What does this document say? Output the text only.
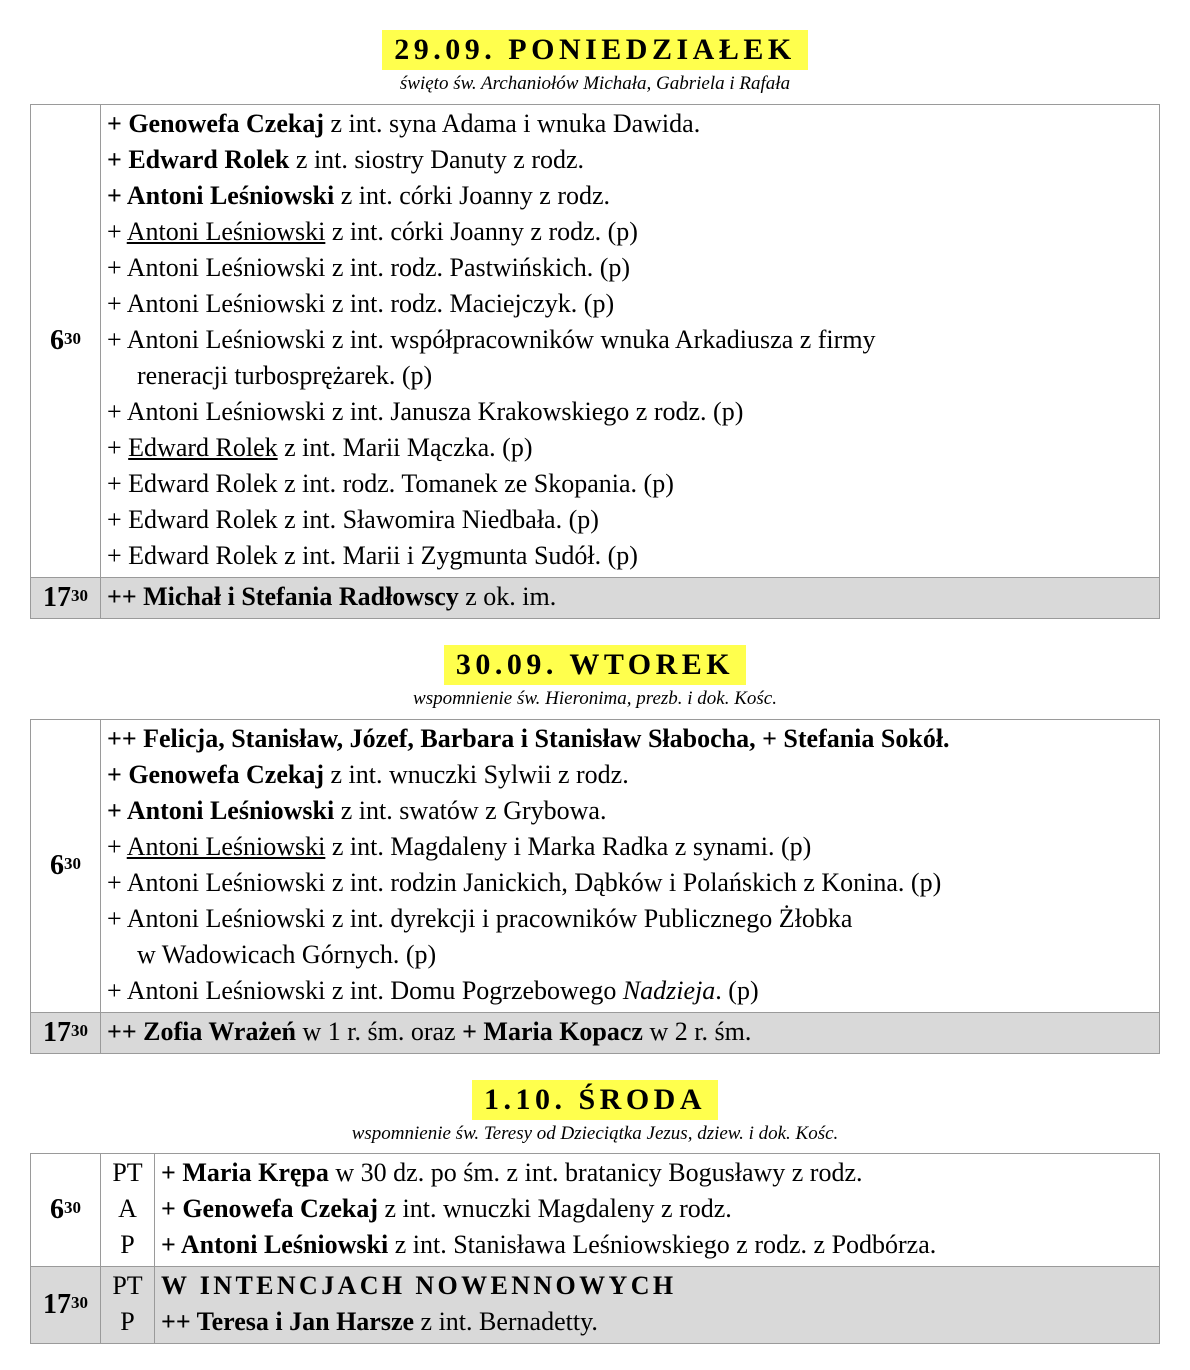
29.09. PONIEDZIAŁEK
święto św. Archaniołów Michała, Gabriela i Rafała
$6^{30}$
+ Genowefa Czekaj z int. syna Adama i wnuka Dawida.
+ Edward Rolek z int. siostry Danuty z rodz.
+ Antoni Leśniowski z int. córki Joanny z rodz.
+ Antoni Leśniowski z int. córki Joanny z rodz. (p)
+ Antoni Leśniowski z int. rodz. Pastwińskich. (p)
+ Antoni Leśniowski z int. rodz. Maciejczyk. (p)
+ Antoni Leśniowski z int. współpracowników wnuka Arkadiusza z firmy
reneracji turbosprężarek. (p)
+ Antoni Leśniowski z int. Janusza Krakowskiego z rodz. (p)
+ Edward Rolek z int. Marii Mączka. (p)
+ Edward Rolek z int. rodz. Tomanek ze Skopania. (p)
+ Edward Rolek z int. Sławomira Niedbała. (p)
+ Edward Rolek z int. Marii i Zygmunta Sudół. (p)
$17^{30}$ ++ Michał i Stefania Radłowscy z ok. im.
30.09. WTOREK
wspomnienie św. Hieronima, prezb. i dok. Kośc.
$6^{30}$
++ Felicja, Stanisław, Józef, Barbara i Stanisław Słabocha, + Stefania Sokół.
+ Genowefa Czekaj z int. wnuczki Sylwii z rodz.
+ Antoni Leśniowski z int. swatów z Grybowa.
+ Antoni Leśniowski z int. Magdaleny i Marka Radka z synami. (p)
+ Antoni Leśniowski z int. rodzin Janickich, Dąbków i Polańskich z Konina. (p)
+ Antoni Leśniowski z int. dyrekcji i pracowników Publicznego Żłobka
w Wadowicach Górnych. (p)
+ Antoni Leśniowski z int. Domu Pogrzebowego Nadzieja. (p)
$17^{30}$ ++ Zofia Wrażeń w 1 r. śm. oraz + Maria Kopacz w 2 r. śm.
1.10. ŚRODA
wspomnienie św. Teresy od Dzieciątka Jezus, dziew. i dok. Kośc.
$6^{30}$
PT
A
P
+ Maria Krępa w 30 dz. po śm. z int. bratanicy Bogusławy z rodz.
+ Genowefa Czekaj z int. wnuczki Magdaleny z rodz.
+ Antoni Leśniowski z int. Stanisława Leśniowskiego z rodz. z Podbórza.
$17^{30}$
PT
P
W INTENCJACH NOWENNOWYCH
++ Teresa i Jan Harsze z int. Bernadetty.
